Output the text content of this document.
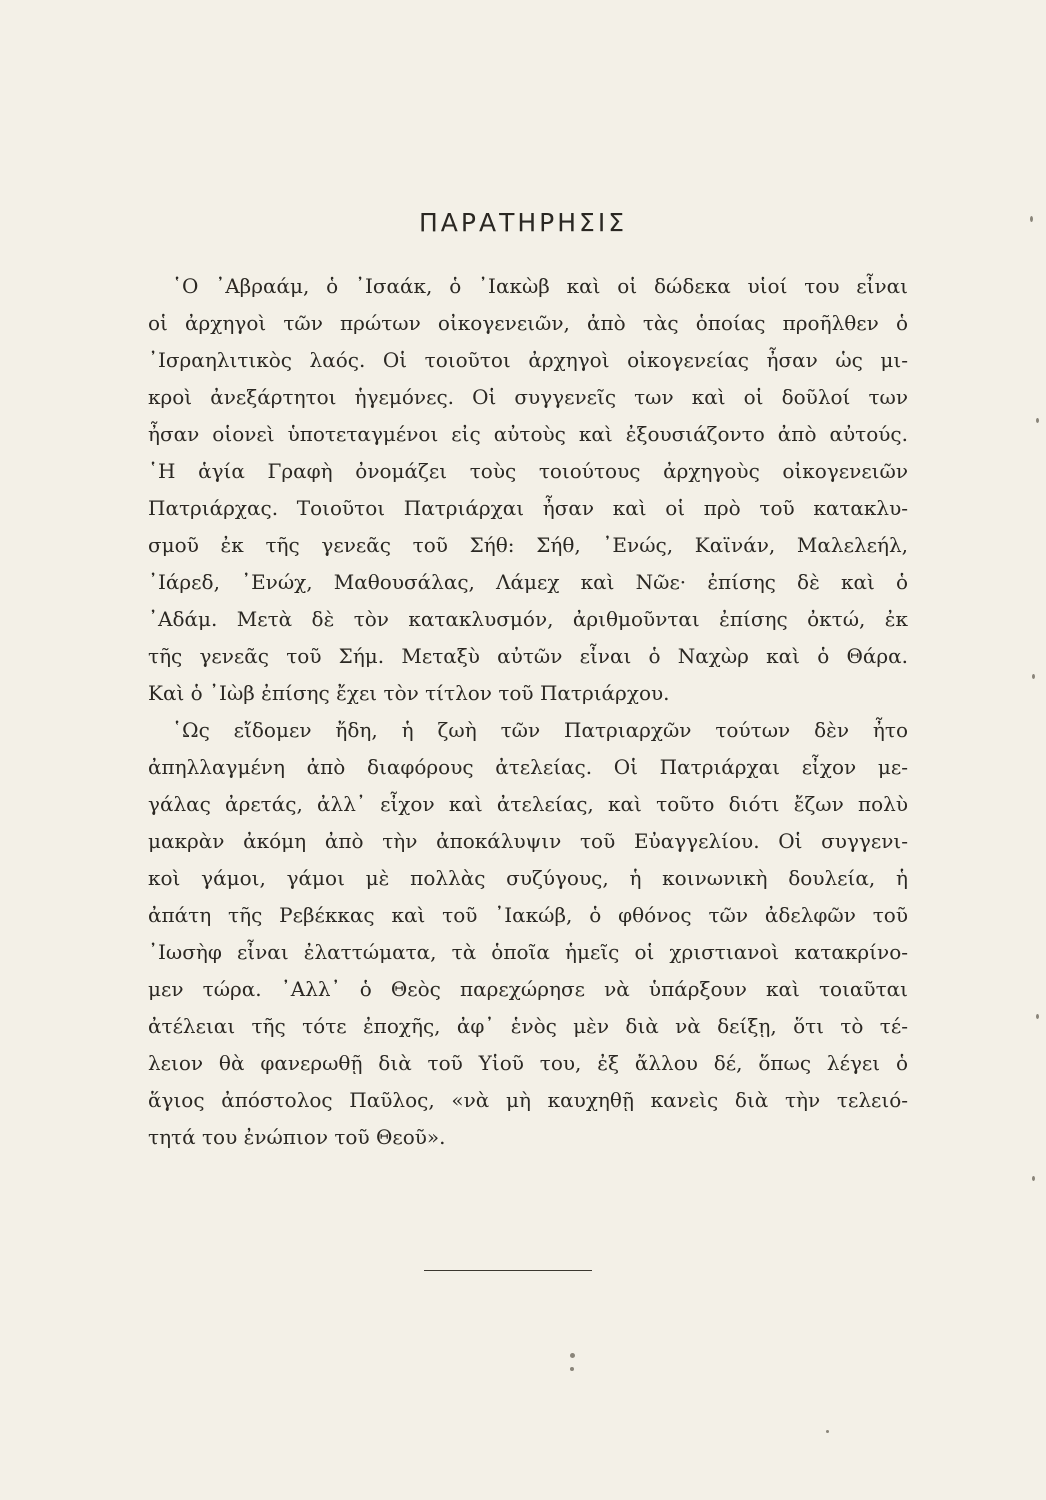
ΠΑΡΑΤΗΡΗΣΙΣ
῾Ο ᾿Αβραάμ, ὁ ᾿Ισαάκ, ὁ ᾿Ιακὼβ καὶ οἱ δώδεκα υἱοί του εἶναι
οἱ ἀρχηγοὶ τῶν πρώτων οἰκογενειῶν, ἀπὸ τὰς ὁποίας προῆλθεν ὁ
᾿Ισραηλιτικὸς λαός. Οἱ τοιοῦτοι ἀρχηγοὶ οἰκογενείας ἦσαν ὡς μι-
κροὶ ἀνεξάρτητοι ἡγεμόνες. Οἱ συγγενεῖς των καὶ οἱ δοῦλοί των
ἦσαν οἱονεὶ ὑποτεταγμένοι εἰς αὐτοὺς καὶ ἐξουσιάζοντο ἀπὸ αὐτούς.
῾Η ἁγία Γραφὴ ὀνομάζει τοὺς τοιούτους ἀρχηγοὺς οἰκογενειῶν
Πατριάρχας. Τοιοῦτοι Πατριάρχαι ἦσαν καὶ οἱ πρὸ τοῦ κατακλυ-
σμοῦ ἐκ τῆς γενεᾶς τοῦ Σήθ: Σήθ, ᾿Ενώς, Καϊνάν, Μαλελεήλ,
᾿Ιάρεδ, ᾿Ενώχ, Μαθουσάλας, Λάμεχ καὶ Νῶε· ἐπίσης δὲ καὶ ὁ
᾿Αδάμ. Μετὰ δὲ τὸν κατακλυσμόν, ἀριθμοῦνται ἐπίσης ὀκτώ, ἐκ
τῆς γενεᾶς τοῦ Σήμ. Μεταξὺ αὐτῶν εἶναι ὁ Ναχὼρ καὶ ὁ Θάρα.
Καὶ ὁ ᾿Ιὼβ ἐπίσης ἔχει τὸν τίτλον τοῦ Πατριάρχου.
῾Ως εἴδομεν ἤδη, ἡ ζωὴ τῶν Πατριαρχῶν τούτων δὲν ἦτο
ἀπηλλαγμένη ἀπὸ διαφόρους ἀτελείας. Οἱ Πατριάρχαι εἶχον με-
γάλας ἀρετάς, ἀλλ᾿ εἶχον καὶ ἀτελείας, καὶ τοῦτο διότι ἔζων πολὺ
μακρὰν ἀκόμη ἀπὸ τὴν ἀποκάλυψιν τοῦ Εὐαγγελίου. Οἱ συγγενι-
κοὶ γάμοι, γάμοι μὲ πολλὰς συζύγους, ἡ κοινωνικὴ δουλεία, ἡ
ἀπάτη τῆς Ρεβέκκας καὶ τοῦ ᾿Ιακώβ, ὁ φθόνος τῶν ἀδελφῶν τοῦ
᾿Ιωσὴφ εἶναι ἐλαττώματα, τὰ ὁποῖα ἡμεῖς οἱ χριστιανοὶ κατακρίνο-
μεν τώρα. ᾿Αλλ᾿ ὁ Θεὸς παρεχώρησε νὰ ὑπάρξουν καὶ τοιαῦται
ἀτέλειαι τῆς τότε ἐποχῆς, ἀφ᾿ ἑνὸς μὲν διὰ νὰ δείξῃ, ὅτι τὸ τέ-
λειον θὰ φανερωθῇ διὰ τοῦ Υἱοῦ του, ἐξ ἄλλου δέ, ὅπως λέγει ὁ
ἅγιος ἀπόστολος Παῦλος, «νὰ μὴ καυχηθῇ κανεὶς διὰ τὴν τελειό-
τητά του ἐνώπιον τοῦ Θεοῦ».
